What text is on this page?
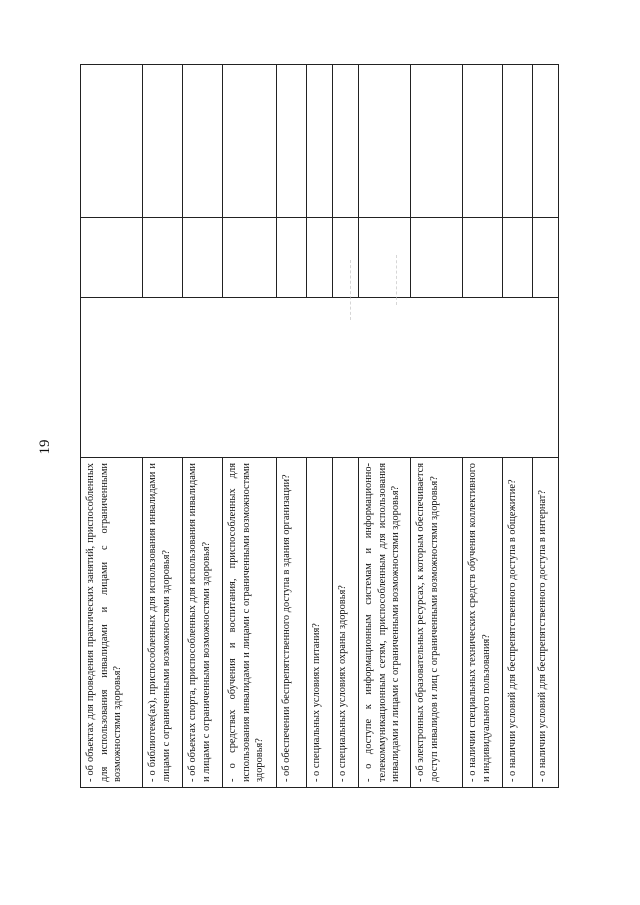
19
- об объектах для проведения практических занятий, приспособленных для использования инвалидами и лицами с ограниченными возможностями здоровья?			
- о библиотеке(ах), приспособленных для использования инвалидами и лицами с ограниченными возможностями здоровья?			
- об объектах спорта, приспособленных для использования инвалидами и лицами с ограниченными возможностями здоровья?			
- о средствах обучения и воспитания, приспособленных для использования инвалидами и лицами с ограниченными возможностями здоровья?			
- об обеспечении беспрепятственного доступа в здания организации?			
- о специальных условиях питания?			
- о специальных условиях охраны здоровья?			
- о доступе к информационным системам и информационно-телекоммуникационным сетям, приспособленным для использования инвалидами и лицами с ограниченными возможностями здоровья?			
- об электронных образовательных ресурсах, к которым обеспечивается доступ инвалидов и лиц с ограниченными возможностями здоровья?			
- о наличии специальных технических средств обучения коллективного и индивидуального пользования?			
- о наличии условий для беспрепятственного доступа в общежитие?			
- о наличии условий для беспрепятственного доступа в интернат?			
